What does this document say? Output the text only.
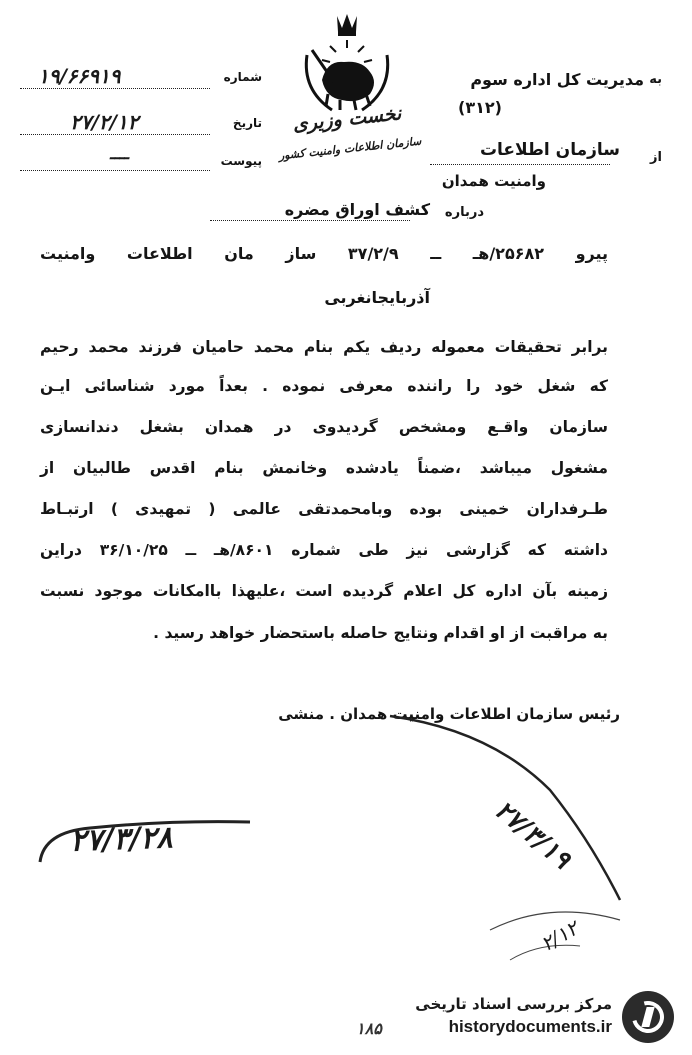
۱۹/۶۶۹۱۹	شماره
۲۷/۲/۱۲	تاریخ
ــــ	پیوست
نخست وزیری
سازمان اطلاعات وامنیت کشور
به
مدیریت کل اداره سوم
(۳۱۲)
از
سازمان اطلاعات
وامنیت همدان
درباره
کشف اوراق مضره
پیرو ۲۵۶۸۲/هـ ــ ۳۷/۲/۹ ساز مان اطلاعات وامنیت
آذربایجانغربی
برابر تحقیقات معموله ردیف یکم بنام محمد حامیان فرزند محمد رحیم
که شغل خود را راننده معرفی نموده . بعداً مورد شناسائی ایـن
سازمان واقـع ومشخص گردیدوی در همدان بشغل دندانسازی
مشغول میباشد ،ضمناً یادشده وخانمش بنام اقدس طالبیان از
طـرفداران خمینی بوده وبامحمدتقی عالمی ( تمهیدی ) ارتبـاط
داشته که گزارشی نیز طی شماره ۸۶۰۱/هـ ــ ۳۶/۱۰/۲۵ دراین
زمینه بآن اداره کل اعلام گردیده است ،علیهذا باامکانات موجود نسبت
به مراقبت از او اقدام ونتایج حاصله باستحضار خواهد رسید .
رئیس سازمان اطلاعات وامنیت همدان . منشی
۲۷/۳/۲۸	۲۷/۳/۱۹
۲/۱۲
مرکز بررسی اسناد تاریخی
historydocuments.ir
۱۸۵
